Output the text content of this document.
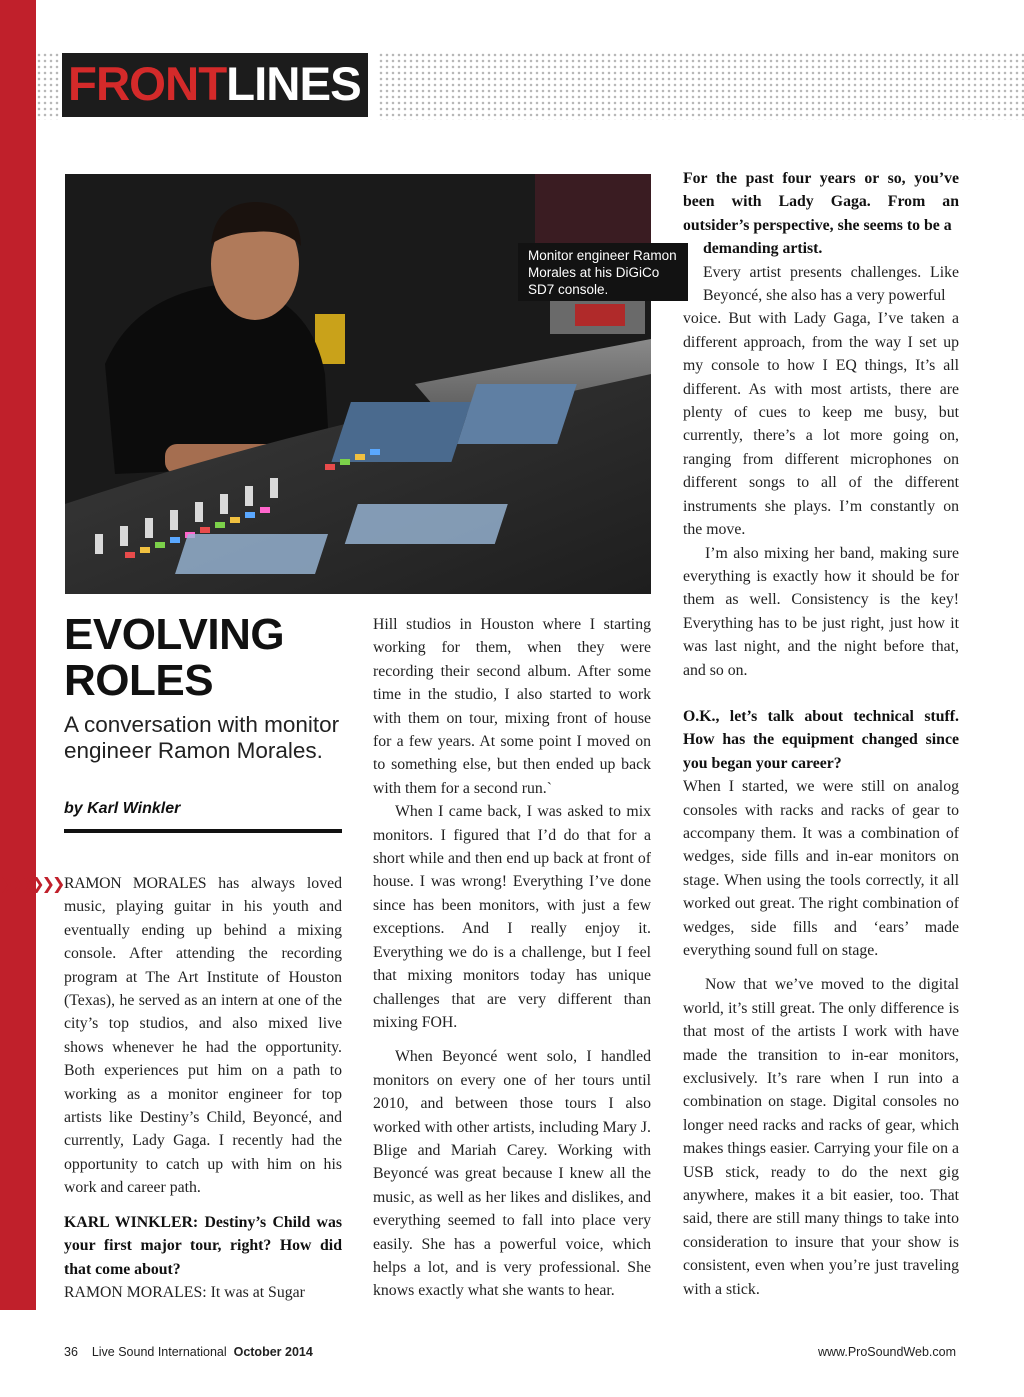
FRONT LINES
Monitor engineer Ramon Morales at his DiGiCo SD7 console.
EVOLVING ROLES
A conversation with monitor engineer Ramon Morales.
by Karl Winkler
❯❯❯❯❯❯ RAMON MORALES has always loved music, playing guitar in his youth and eventually ending up behind a mixing console. After attending the recording program at The Art Institute of Houston (Texas), he served as an intern at one of the city’s top studios, and also mixed live shows whenever he had the opportunity. Both experiences put him on a path to working as a monitor engineer for top artists like Destiny’s Child, Beyoncé, and currently, Lady Gaga. I recently had the opportunity to catch up with him on his work and career path.

KARL WINKLER: Destiny’s Child was your first major tour, right? How did that come about?

RAMON MORALES: It was at Sugar

Hill studios in Houston where I starting working for them, when they were recording their second album. After some time in the studio, I also started to work with them on tour, mixing front of house for a few years. At some point I moved on to something else, but then ended up back with them for a second run.`

When I came back, I was asked to mix monitors. I figured that I’d do that for a short while and then end up back at front of house. I was wrong! Everything I’ve done since has been monitors, with just a few exceptions. And I really enjoy it. Everything we do is a challenge, but I feel that mixing monitors today has unique challenges that are very different than mixing FOH.

When Beyoncé went solo, I handled monitors on every one of her tours until 2010, and between those tours I also worked with other artists, including Mary J. Blige and Mariah Carey. Working with Beyoncé was great because I knew all the music, as well as her likes and dislikes, and everything seemed to fall into place very easily. She has a powerful voice, which helps a lot, and is very professional. She knows exactly what she wants to hear.

For the past four years or so, you’ve been with Lady Gaga. From an outsider’s perspective, she seems to be a
demanding artist.

Every artist presents challenges. Like Beyoncé, she also has a very powerful

voice. But with Lady Gaga, I’ve taken a different approach, from the way I set up my console to how I EQ things, It’s all different. As with most artists, there are plenty of cues to keep me busy, but currently, there’s a lot more going on, ranging from different microphones on different songs to all of the different instruments she plays. I’m constantly on the move.

I’m also mixing her band, making sure everything is exactly how it should be for them as well. Consistency is the key! Everything has to be just right, just how it was last night, and the night before that, and so on.

O.K., let’s talk about technical stuff. How has the equipment changed since you began your career?

When I started, we were still on analog consoles with racks and racks of gear to accompany them. It was a combination of wedges, side fills and in-ear monitors on stage. When using the tools correctly, it all worked out great. The right combination of wedges, side fills and ‘ears’ made everything sound full on stage.

Now that we’ve moved to the digital world, it’s still great. The only difference is that most of the artists I work with have made the transition to in-ear monitors, exclusively. It’s rare when I run into a combination on stage. Digital consoles no longer need racks and racks of gear, which makes things easier. Carrying your file on a USB stick, ready to do the next gig anywhere, makes it a bit easier, too. That said, there are still many things to take into consideration to insure that your show is consistent, even when you’re just traveling with a stick.

36 Live Sound International October 2014	www.ProSoundWeb.com
